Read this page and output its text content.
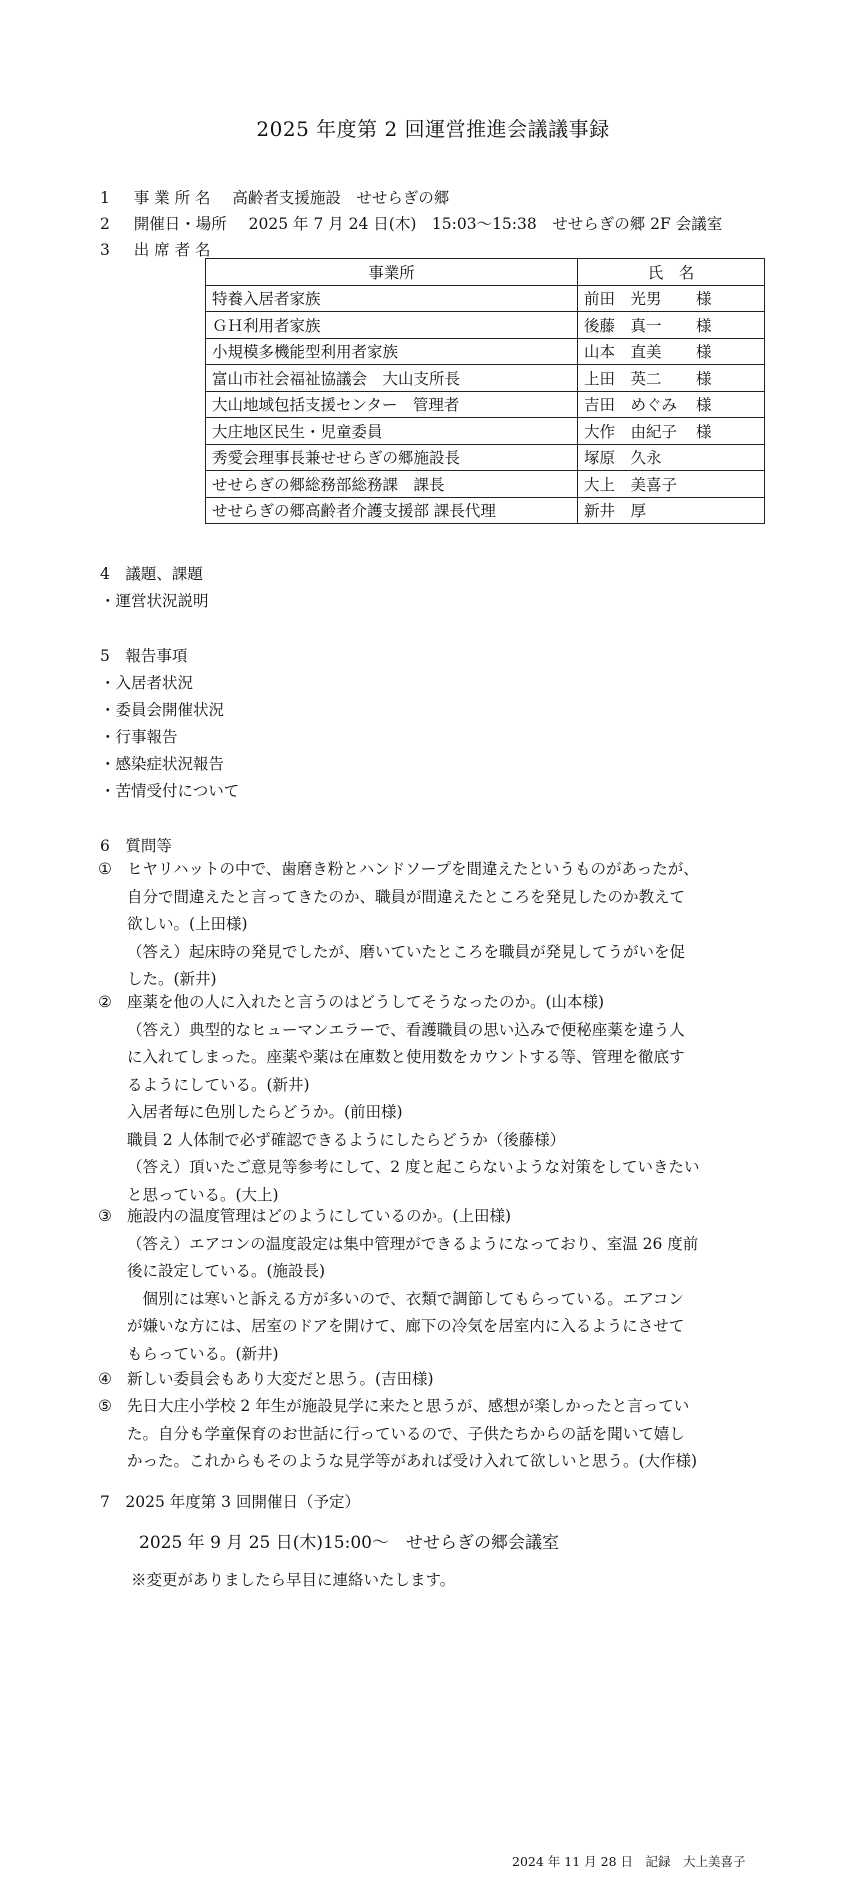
2025 年度第 2 回運営推進会議議事録
1 事 業 所 名 高齢者支援施設　せせらぎの郷
2 開催日・場所 2025 年 7 月 24 日(木)　15:03～15:38　せせらぎの郷 2F 会議室
3 出 席 者 名
事業所	氏　名
特養入居者家族	前田　光男 様
ＧＨ利用者家族	後藤　真一 様
小規模多機能型利用者家族	山本　直美 様
富山市社会福祉協議会　大山支所長	上田　英二 様
大山地域包括支援センター　管理者	吉田　めぐみ 様
大庄地区民生・児童委員	大作　由紀子 様
秀愛会理事長兼せせらぎの郷施設長	塚原　久永
せせらぎの郷総務部総務課　課長	大上　美喜子
せせらぎの郷高齢者介護支援部 課長代理	新井　厚
4　議題、課題
・運営状況説明
5　報告事項
・入居者状況
・委員会開催状況
・行事報告
・感染症状況報告
・苦情受付について
6　質問等
① ヒヤリハットの中で、歯磨き粉とハンドソープを間違えたというものがあったが、
自分で間違えたと言ってきたのか、職員が間違えたところを発見したのか教えて
欲しい。(上田様)
（答え）起床時の発見でしたが、磨いていたところを職員が発見してうがいを促
した。(新井)
② 座薬を他の人に入れたと言うのはどうしてそうなったのか。(山本様)
（答え）典型的なヒューマンエラーで、看護職員の思い込みで便秘座薬を違う人
に入れてしまった。座薬や薬は在庫数と使用数をカウントする等、管理を徹底す
るようにしている。(新井)
入居者毎に色別したらどうか。(前田様)
職員 2 人体制で必ず確認できるようにしたらどうか（後藤様）
（答え）頂いたご意見等参考にして、2 度と起こらないような対策をしていきたい
と思っている。(大上)
③ 施設内の温度管理はどのようにしているのか。(上田様)
（答え）エアコンの温度設定は集中管理ができるようになっており、室温 26 度前
後に設定している。(施設長)
　個別には寒いと訴える方が多いので、衣類で調節してもらっている。エアコン
が嫌いな方には、居室のドアを開けて、廊下の冷気を居室内に入るようにさせて
もらっている。(新井)
④ 新しい委員会もあり大変だと思う。(吉田様)
⑤ 先日大庄小学校 2 年生が施設見学に来たと思うが、感想が楽しかったと言ってい
た。自分も学童保育のお世話に行っているので、子供たちからの話を聞いて嬉し
かった。これからもそのような見学等があれば受け入れて欲しいと思う。(大作様)
7　2025 年度第 3 回開催日（予定）
2025 年 9 月 25 日(木)15:00～　せせらぎの郷会議室
※変更がありましたら早目に連絡いたします。
2024 年 11 月 28 日　記録　大上美喜子
